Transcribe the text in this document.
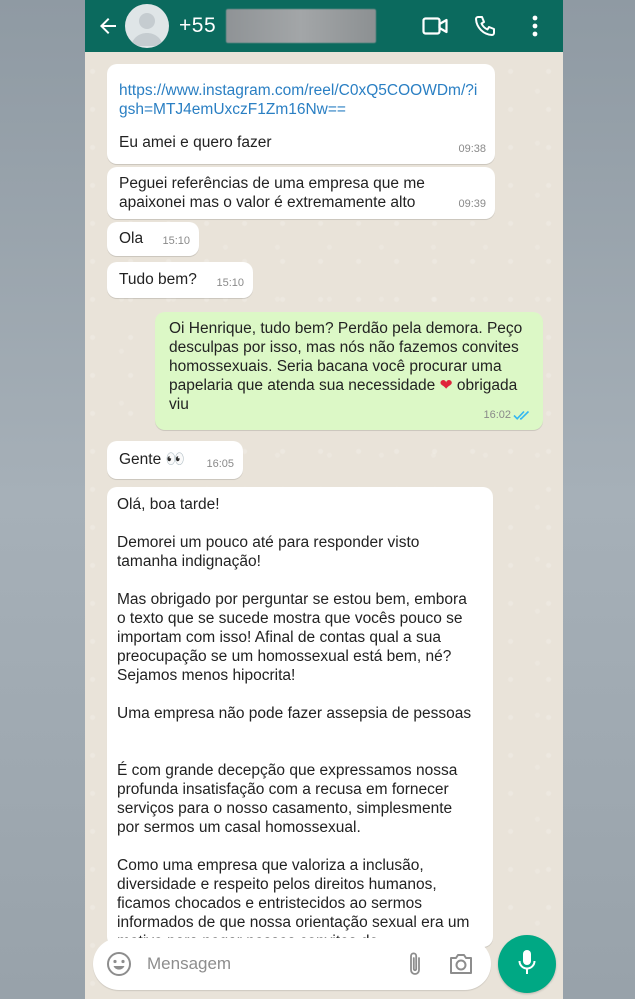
+55
https://www.instagram.com/reel/C0xQ5COOWDm/?igsh=MTJ4emUxczF1Zm16Nw==
Eu amei e quero fazer	09:38
Peguei referências de uma empresa que me apaixonei mas o valor é extremamente alto	09:39
Ola	15:10
Tudo bem?	15:10
Oi Henrique, tudo bem? Perdão pela demora. Peço desculpas por isso, mas nós não fazemos convites homossexuais. Seria bacana você procurar uma papelaria que atenda sua necessidade ❤ obrigada viu
16:02
Gente 👀	16:05

Olá, boa tarde!

Demorei um pouco até para responder visto tamanha indignação!

Mas obrigado por perguntar se estou bem, embora o texto que se sucede mostra que vocês pouco se importam com isso! Afinal de contas qual a sua preocupação se um homossexual está bem, né? Sejamos menos hipocrita!

Uma empresa não pode fazer assepsia de pessoas

É com grande decepção que expressamos nossa profunda insatisfação com a recusa em fornecer serviços para o nosso casamento, simplesmente por sermos um casal homossexual.

Como uma empresa que valoriza a inclusão, diversidade e respeito pelos direitos humanos, ficamos chocados e entristecidos ao sermos informados de que nossa orientação sexual era um

Mensagem
